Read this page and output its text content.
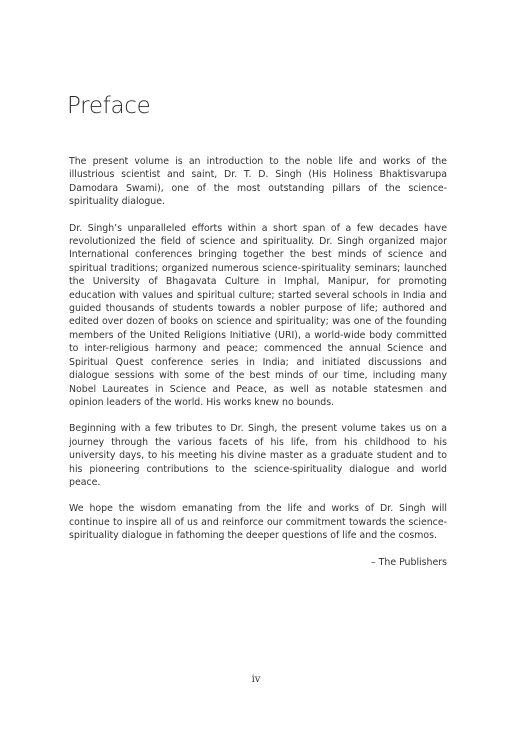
Preface

The present volume is an introduction to the noble life and works of the illustrious scientist and saint, Dr. T. D. Singh (His Holiness Bhaktisvarupa Damodara Swami), one of the most outstanding pillars of the science-spirituality dialogue.

Dr. Singh’s unparalleled efforts within a short span of a few decades have revolutionized the field of science and spirituality. Dr. Singh organized major International conferences bringing together the best minds of science and spiritual traditions; organized numerous science-spirituality seminars; launched the University of Bhagavata Culture in Imphal, Manipur, for promoting education with values and spiritual culture; started several schools in India and guided thousands of students towards a nobler purpose of life; authored and edited over dozen of books on science and spirituality; was one of the founding members of the United Religions Initiative (URI), a world-wide body committed to inter-religious harmony and peace; commenced the annual Science and Spiritual Quest conference series in India; and initiated discussions and dialogue sessions with some of the best minds of our time, including many Nobel Laureates in Science and Peace, as well as notable statesmen and opinion leaders of the world. His works knew no bounds.

Beginning with a few tributes to Dr. Singh, the present volume takes us on a journey through the various facets of his life, from his childhood to his university days, to his meeting his divine master as a graduate student and to his pioneering contributions to the science-spirituality dialogue and world peace.

We hope the wisdom emanating from the life and works of Dr. Singh will continue to inspire all of us and reinforce our commitment towards the science-spirituality dialogue in fathoming the deeper questions of life and the cosmos.

– The Publishers

iv
